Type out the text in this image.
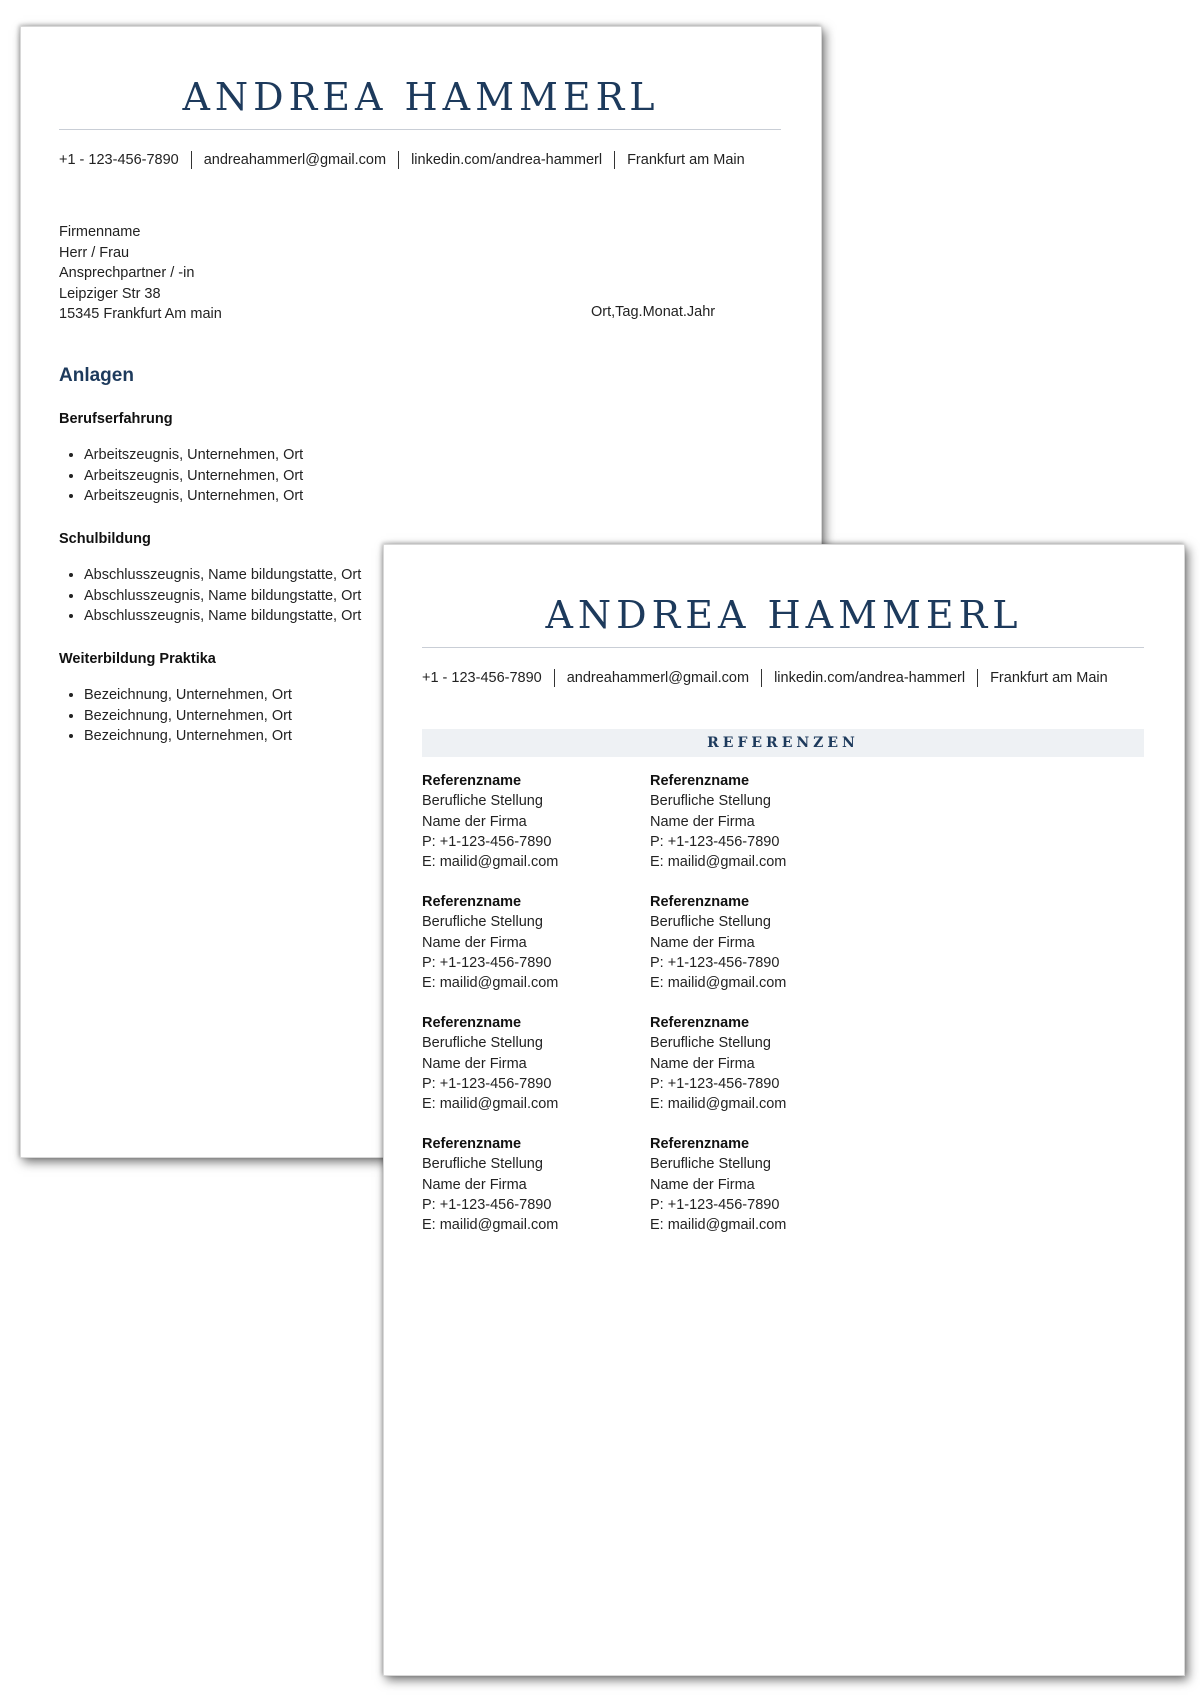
ANDREA HAMMERL
+1 - 123-456-7890 andreahammerl@gmail.com linkedin.com/andrea-hammerl Frankfurt am Main
Firmenname
Herr / Frau
Ansprechpartner / -in
Leipziger Str 38
15345 Frankfurt Am main	Ort,Tag.Monat.Jahr
Anlagen
Berufserfahrung
• Arbeitszeugnis, Unternehmen, Ort
• Arbeitszeugnis, Unternehmen, Ort
• Arbeitszeugnis, Unternehmen, Ort
Schulbildung
• Abschlusszeugnis, Name bildungstatte, Ort
• Abschlusszeugnis, Name bildungstatte, Ort
• Abschlusszeugnis, Name bildungstatte, Ort
Weiterbildung Praktika
• Bezeichnung, Unternehmen, Ort
• Bezeichnung, Unternehmen, Ort
• Bezeichnung, Unternehmen, Ort
ANDREA HAMMERL
+1 - 123-456-7890 andreahammerl@gmail.com linkedin.com/andrea-hammerl Frankfurt am Main
REFERENZEN
Referenzname
Berufliche Stellung
Name der Firma
P: +1-123-456-7890
E: mailid@gmail.com
Referenzname
Berufliche Stellung
Name der Firma
P: +1-123-456-7890
E: mailid@gmail.com
Referenzname
Berufliche Stellung
Name der Firma
P: +1-123-456-7890
E: mailid@gmail.com
Referenzname
Berufliche Stellung
Name der Firma
P: +1-123-456-7890
E: mailid@gmail.com
Referenzname
Berufliche Stellung
Name der Firma
P: +1-123-456-7890
E: mailid@gmail.com
Referenzname
Berufliche Stellung
Name der Firma
P: +1-123-456-7890
E: mailid@gmail.com
Referenzname
Berufliche Stellung
Name der Firma
P: +1-123-456-7890
E: mailid@gmail.com
Referenzname
Berufliche Stellung
Name der Firma
P: +1-123-456-7890
E: mailid@gmail.com
